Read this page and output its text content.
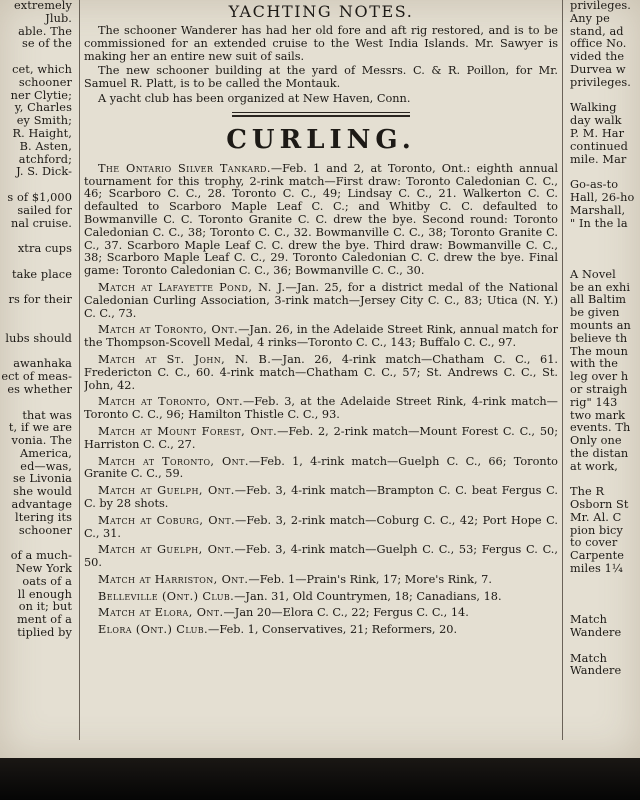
extremely
Jlub.
able. The
se of the

cet, which
schooner
ner Clytie;
y, Charles
ey Smith;
R. Haight,
B. Asten,
atchford;
J. S. Dick-

s of $1,000
sailed for
nal cruise.

xtra cups

take place

rs for their

lubs should

awanhaka
ect of meas-
es whether

that was
t, if we are
vonia. The
America,
ed—was,
se Livonia
she would
advantage
ltering its
schooner

of a much-
New York
oats of a
ll enough
on it; but
ment of a
tiplied by
YACHTING NOTES.

The schooner Wanderer has had her old fore and aft rig restored, and is to be commissioned for an extended cruise to the West India Islands. Mr. Sawyer is making her an entire new suit of sails.

The new schooner building at the yard of Messrs. C. & R. Poillon, for Mr. Samuel R. Platt, is to be called the Montauk.

A yacht club has been organized at New Haven, Conn.

CURLING.

The Ontario Silver Tankard.—Feb. 1 and 2, at Toronto, Ont.: eighth annual tournament for this trophy, 2-rink match—First draw: Toronto Caledonian C. C., 46; Scarboro C. C., 28. Toronto C. C., 49; Lindsay C. C., 21. Walkerton C. C. defaulted to Scarboro Maple Leaf C. C.; and Whitby C. C. defaulted to Bowmanville C. C. Toronto Granite C. C. drew the bye. Second round: Toronto Caledonian C. C., 38; Toronto C. C., 32. Bowmanville C. C., 38; Toronto Granite C. C., 37. Scarboro Maple Leaf C. C. drew the bye. Third draw: Bowmanville C. C., 38; Scarboro Maple Leaf C. C., 29. Toronto Caledonian C. C. drew the bye. Final game: Toronto Caledonian C. C., 36; Bowmanville C. C., 30.

Match at Lafayette Pond, N. J.—Jan. 25, for a district medal of the National Caledonian Curling Association, 3-rink match—Jersey City C. C., 83; Utica (N. Y.) C. C., 73.

Match at Toronto, Ont.—Jan. 26, in the Adelaide Street Rink, annual match for the Thompson-Scovell Medal, 4 rinks—Toronto C. C., 143; Buffalo C. C., 97.

Match at St. John, N. B.—Jan. 26, 4-rink match—Chatham C. C., 61. Fredericton C. C., 60. 4-rink match—Chatham C. C., 57; St. Andrews C. C., St. John, 42.

Match at Toronto, Ont.—Feb. 3, at the Adelaide Street Rink, 4-rink match—Toronto C. C., 96; Hamilton Thistle C. C., 93.

Match at Mount Forest, Ont.—Feb. 2, 2-rink match—Mount Forest C. C., 50; Harriston C. C., 27.

Match at Toronto, Ont.—Feb. 1, 4-rink match—Guelph C. C., 66; Toronto Granite C. C., 59.

Match at Guelph, Ont.—Feb. 3, 4-rink match—Brampton C. C. beat Fergus C. C. by 28 shots.

Match at Coburg, Ont.—Feb. 3, 2-rink match—Coburg C. C., 42; Port Hope C. C., 31.

Match at Guelph, Ont.—Feb. 3, 4-rink match—Guelph C. C., 53; Fergus C. C., 50.

Match at Harriston, Ont.—Feb. 1—Prain's Rink, 17; More's Rink, 7.

Belleville (Ont.) Club.—Jan. 31, Old Countrymen, 18; Canadians, 18.

Match at Elora, Ont.—Jan 20—Elora C. C., 22; Fergus C. C., 14.

Elora (Ont.) Club.—Feb. 1, Conservatives, 21; Reformers, 20.

privileges.
Any pe
stand, ad
office No.
vided the
Durvea w
privileges.

Walking
day walk
P. M. Har
continued
mile. Mar

Go-as-to
Hall, 26-ho
Marshall,
" In the la

A Novel
be an exhi
all Baltim
be given
mounts an
believe th
The moun
with the
leg over h
or straigh
rig" 143
two mark
events. Th
Only one
the distan
at work,

The R
Osborn St
Mr. Al. C
pion bicy
to cover
Carpente
miles 1¼

Match
Wandere

Match
Wandere
